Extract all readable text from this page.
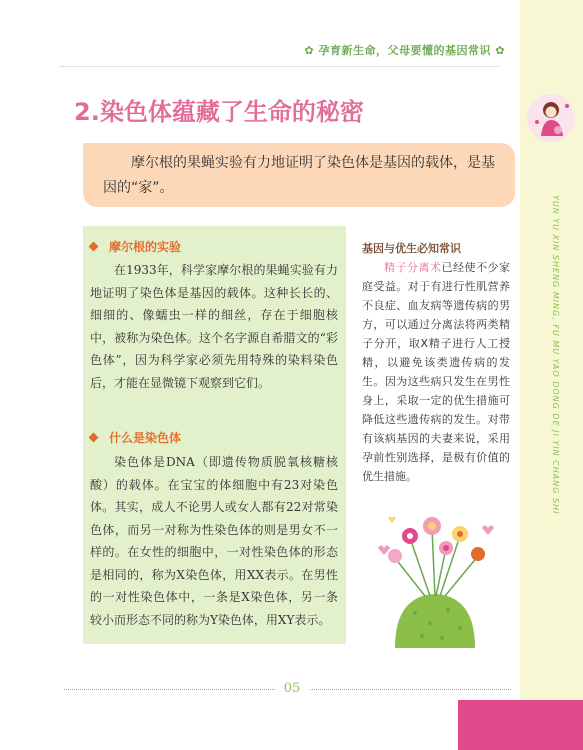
✿ 孕育新生命，父母要懂的基因常识 ✿
YUN YU XIN SHENG MING, FU MU YAO DONG DE JI YIN CHANG SHI
2.染色体蕴藏了生命的秘密
摩尔根的果蝇实验有力地证明了染色体是基因的载体，是基因的“家”。
摩尔根的实验

在1933年，科学家摩尔根的果蝇实验有力地证明了染色体是基因的载体。这种长长的、细细的、像蠕虫一样的细丝，存在于细胞核中，被称为染色体。这个名字源自希腊文的“彩色体”，因为科学家必须先用特殊的染料染色后，才能在显微镜下观察到它们。

什么是染色体

染色体是DNA（即遗传物质脱氧核糖核酸）的载体。在宝宝的体细胞中有23对染色体。其实，成人不论男人或女人都有22对常染色体，而另一对称为性染色体的则是男女不一样的。在女性的细胞中，一对性染色体的形态是相同的，称为X染色体，用XX表示。在男性的一对性染色体中，一条是X染色体，另一条较小而形态不同的称为Y染色体，用XY表示。

基因与优生必知常识

精子分离术已经使不少家庭受益。对于有进行性肌营养不良症、血友病等遗传病的男方，可以通过分离法将两类精子分开，取X精子进行人工授精，以避免该类遗传病的发生。因为这些病只发生在男性身上，采取一定的优生措施可降低这些遗传病的发生。对带有该病基因的夫妻来说，采用孕前性别选择，是极有价值的优生措施。

05
